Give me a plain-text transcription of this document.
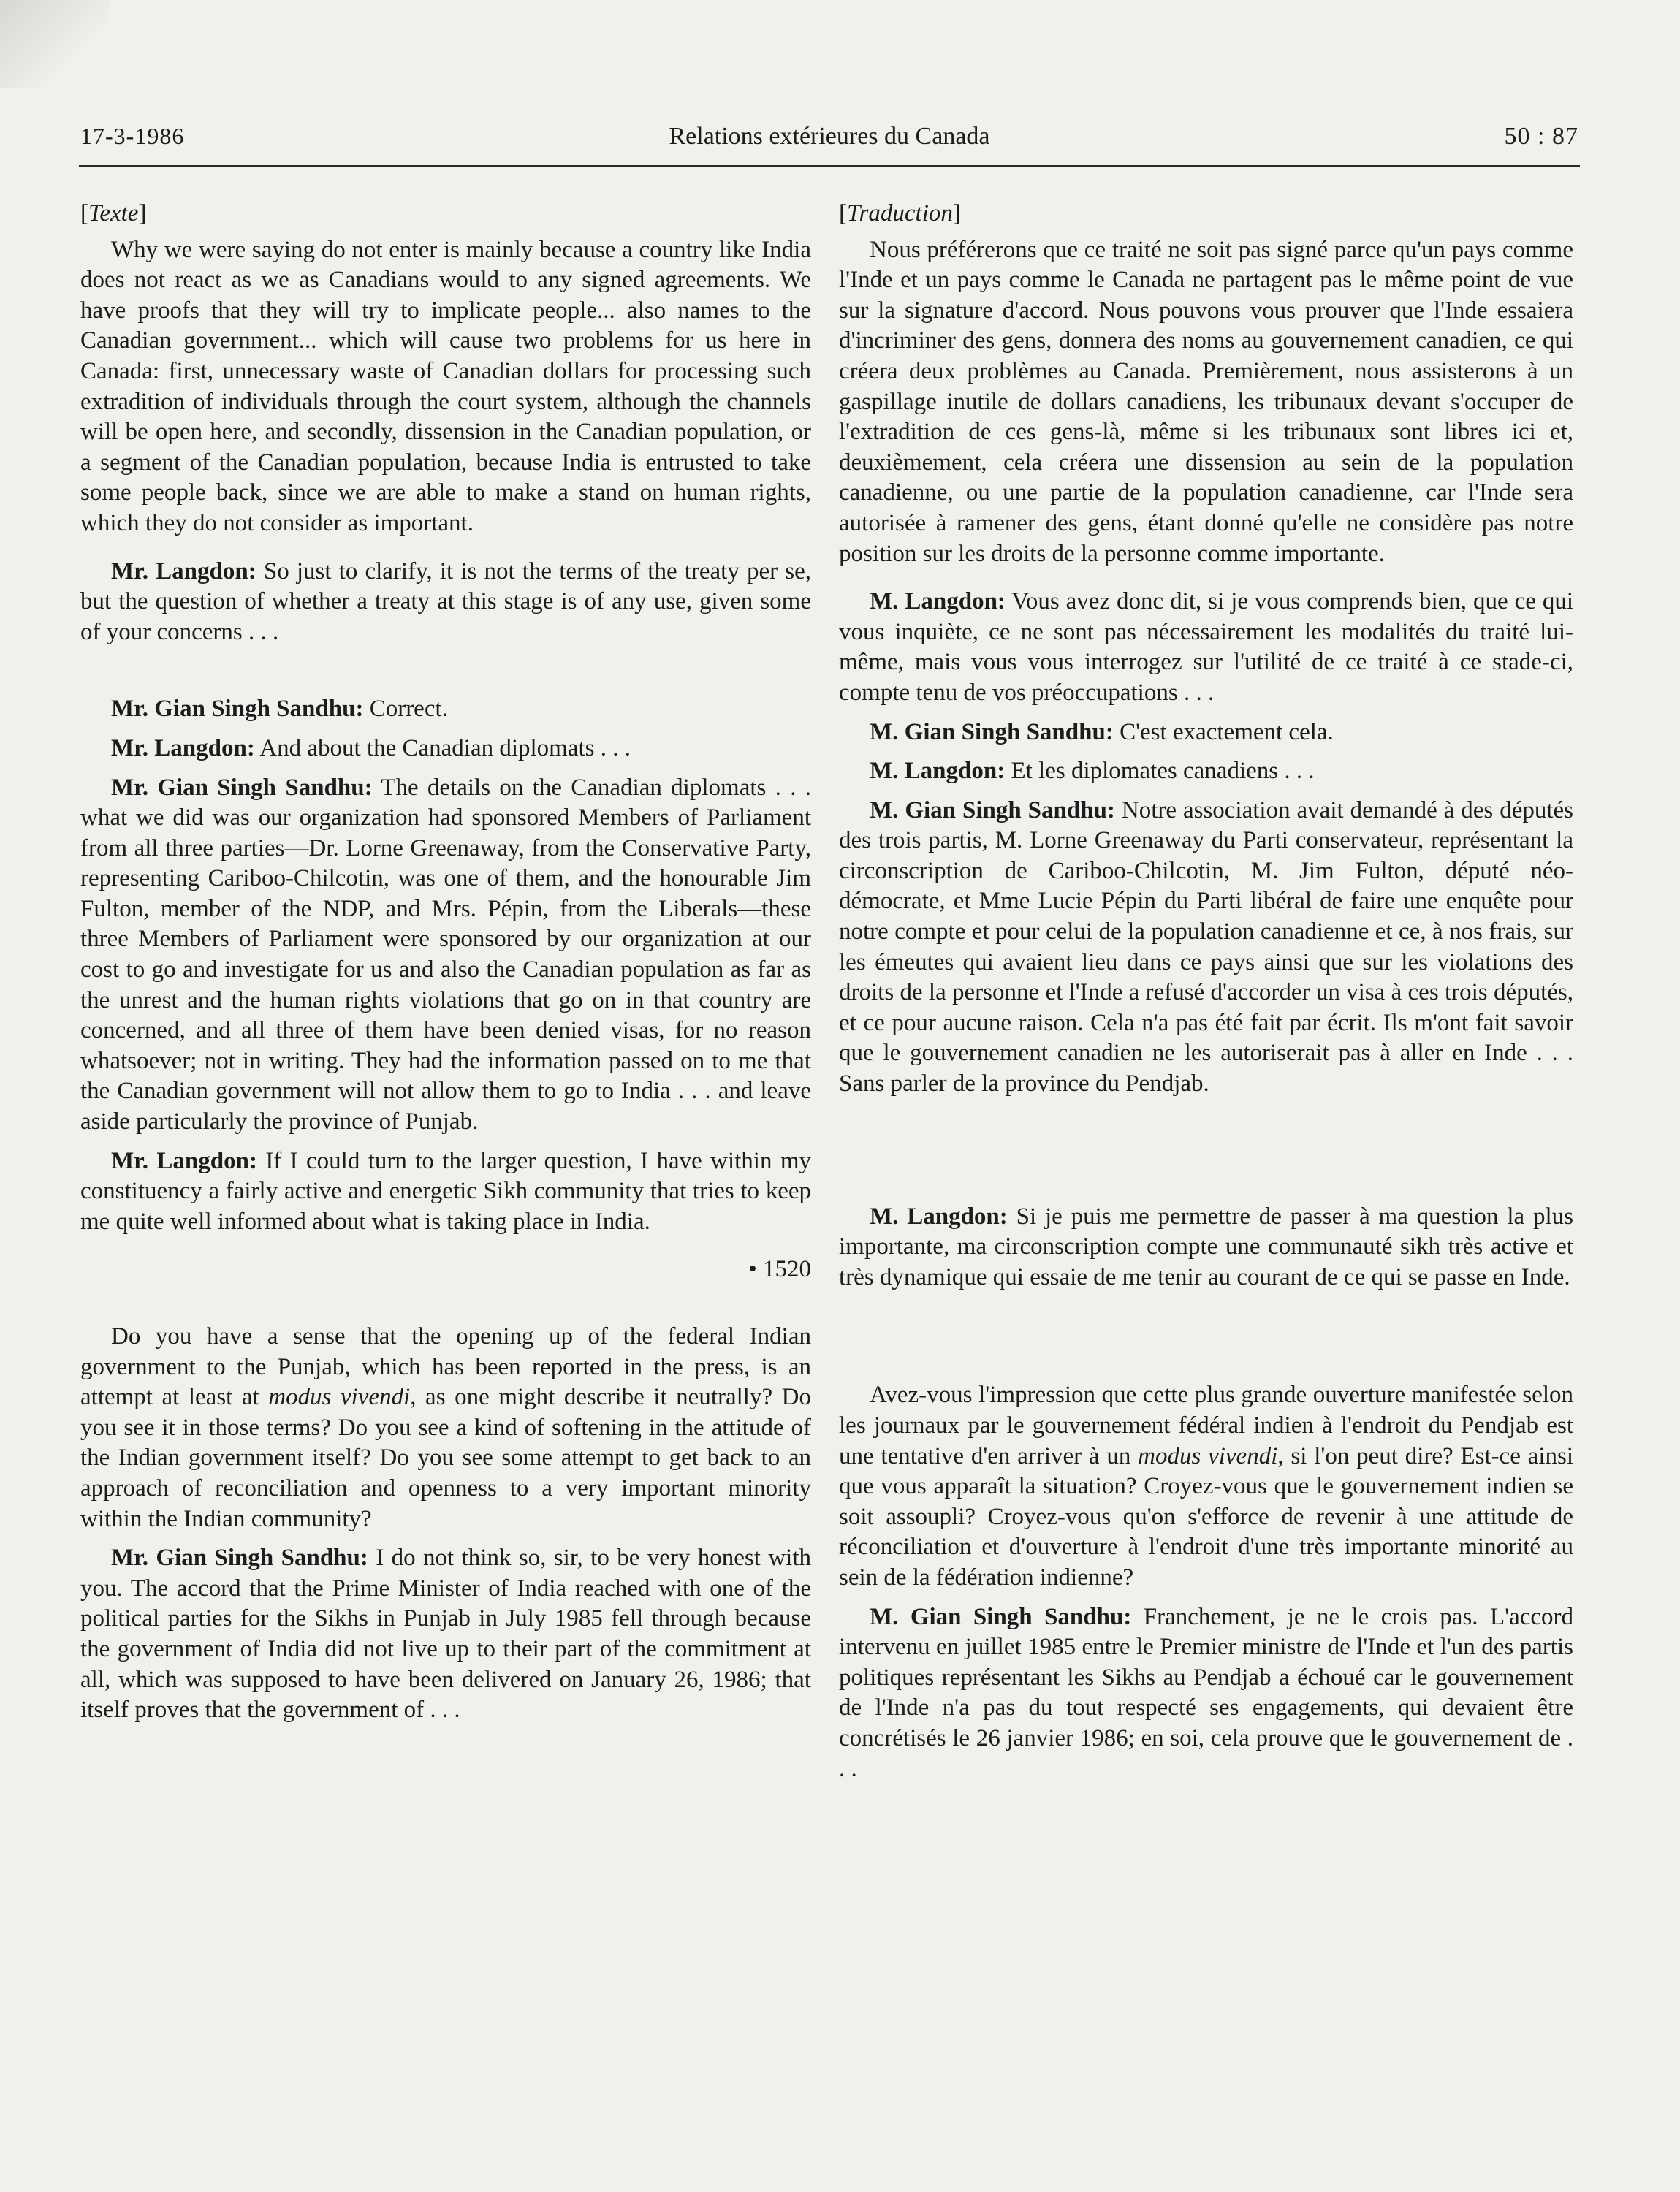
17-3-1986	Relations extérieures du Canada	50 : 87

[Texte]

Why we were saying do not enter is mainly because a country like India does not react as we as Canadians would to any signed agreements. We have proofs that they will try to implicate people... also names to the Canadian government... which will cause two problems for us here in Canada: first, unnecessary waste of Canadian dollars for processing such extradition of individuals through the court system, although the channels will be open here, and secondly, dissension in the Canadian population, or a segment of the Canadian population, because India is entrusted to take some people back, since we are able to make a stand on human rights, which they do not consider as important.

Mr. Langdon: So just to clarify, it is not the terms of the treaty per se, but the question of whether a treaty at this stage is of any use, given some of your concerns . . .

Mr. Gian Singh Sandhu: Correct.

Mr. Langdon: And about the Canadian diplomats . . .

Mr. Gian Singh Sandhu: The details on the Canadian diplomats . . . what we did was our organization had sponsored Members of Parliament from all three parties—Dr. Lorne Greenaway, from the Conservative Party, representing Cariboo-Chilcotin, was one of them, and the honourable Jim Fulton, member of the NDP, and Mrs. Pépin, from the Liberals—these three Members of Parliament were sponsored by our organization at our cost to go and investigate for us and also the Canadian population as far as the unrest and the human rights violations that go on in that country are concerned, and all three of them have been denied visas, for no reason whatsoever; not in writing. They had the information passed on to me that the Canadian government will not allow them to go to India . . . and leave aside particularly the province of Punjab.

Mr. Langdon: If I could turn to the larger question, I have within my constituency a fairly active and energetic Sikh community that tries to keep me quite well informed about what is taking place in India.

• 1520

Do you have a sense that the opening up of the federal Indian government to the Punjab, which has been reported in the press, is an attempt at least at modus vivendi, as one might describe it neutrally? Do you see it in those terms? Do you see a kind of softening in the attitude of the Indian government itself? Do you see some attempt to get back to an approach of reconciliation and openness to a very important minority within the Indian community?

Mr. Gian Singh Sandhu: I do not think so, sir, to be very honest with you. The accord that the Prime Minister of India reached with one of the political parties for the Sikhs in Punjab in July 1985 fell through because the government of India did not live up to their part of the commitment at all, which was supposed to have been delivered on January 26, 1986; that itself proves that the government of . . .

[Traduction]

Nous préférerons que ce traité ne soit pas signé parce qu'un pays comme l'Inde et un pays comme le Canada ne partagent pas le même point de vue sur la signature d'accord. Nous pouvons vous prouver que l'Inde essaiera d'incriminer des gens, donnera des noms au gouvernement canadien, ce qui créera deux problèmes au Canada. Premièrement, nous assisterons à un gaspillage inutile de dollars canadiens, les tribunaux devant s'occuper de l'extradition de ces gens-là, même si les tribunaux sont libres ici et, deuxièmement, cela créera une dissension au sein de la population canadienne, ou une partie de la population canadienne, car l'Inde sera autorisée à ramener des gens, étant donné qu'elle ne considère pas notre position sur les droits de la personne comme importante.

M. Langdon: Vous avez donc dit, si je vous comprends bien, que ce qui vous inquiète, ce ne sont pas nécessairement les modalités du traité lui-même, mais vous vous interrogez sur l'utilité de ce traité à ce stade-ci, compte tenu de vos préoccupations . . .

M. Gian Singh Sandhu: C'est exactement cela.

M. Langdon: Et les diplomates canadiens . . .

M. Gian Singh Sandhu: Notre association avait demandé à des députés des trois partis, M. Lorne Greenaway du Parti conservateur, représentant la circonscription de Cariboo-Chilcotin, M. Jim Fulton, député néo-démocrate, et Mme Lucie Pépin du Parti libéral de faire une enquête pour notre compte et pour celui de la population canadienne et ce, à nos frais, sur les émeutes qui avaient lieu dans ce pays ainsi que sur les violations des droits de la personne et l'Inde a refusé d'accorder un visa à ces trois députés, et ce pour aucune raison. Cela n'a pas été fait par écrit. Ils m'ont fait savoir que le gouvernement canadien ne les autoriserait pas à aller en Inde . . . Sans parler de la province du Pendjab.

M. Langdon: Si je puis me permettre de passer à ma question la plus importante, ma circonscription compte une communauté sikh très active et très dynamique qui essaie de me tenir au courant de ce qui se passe en Inde.

Avez-vous l'impression que cette plus grande ouverture manifestée selon les journaux par le gouvernement fédéral indien à l'endroit du Pendjab est une tentative d'en arriver à un modus vivendi, si l'on peut dire? Est-ce ainsi que vous apparaît la situation? Croyez-vous que le gouvernement indien se soit assoupli? Croyez-vous qu'on s'efforce de revenir à une attitude de réconciliation et d'ouverture à l'endroit d'une très importante minorité au sein de la fédération indienne?

M. Gian Singh Sandhu: Franchement, je ne le crois pas. L'accord intervenu en juillet 1985 entre le Premier ministre de l'Inde et l'un des partis politiques représentant les Sikhs au Pendjab a échoué car le gouvernement de l'Inde n'a pas du tout respecté ses engagements, qui devaient être concrétisés le 26 janvier 1986; en soi, cela prouve que le gouvernement de . . .
